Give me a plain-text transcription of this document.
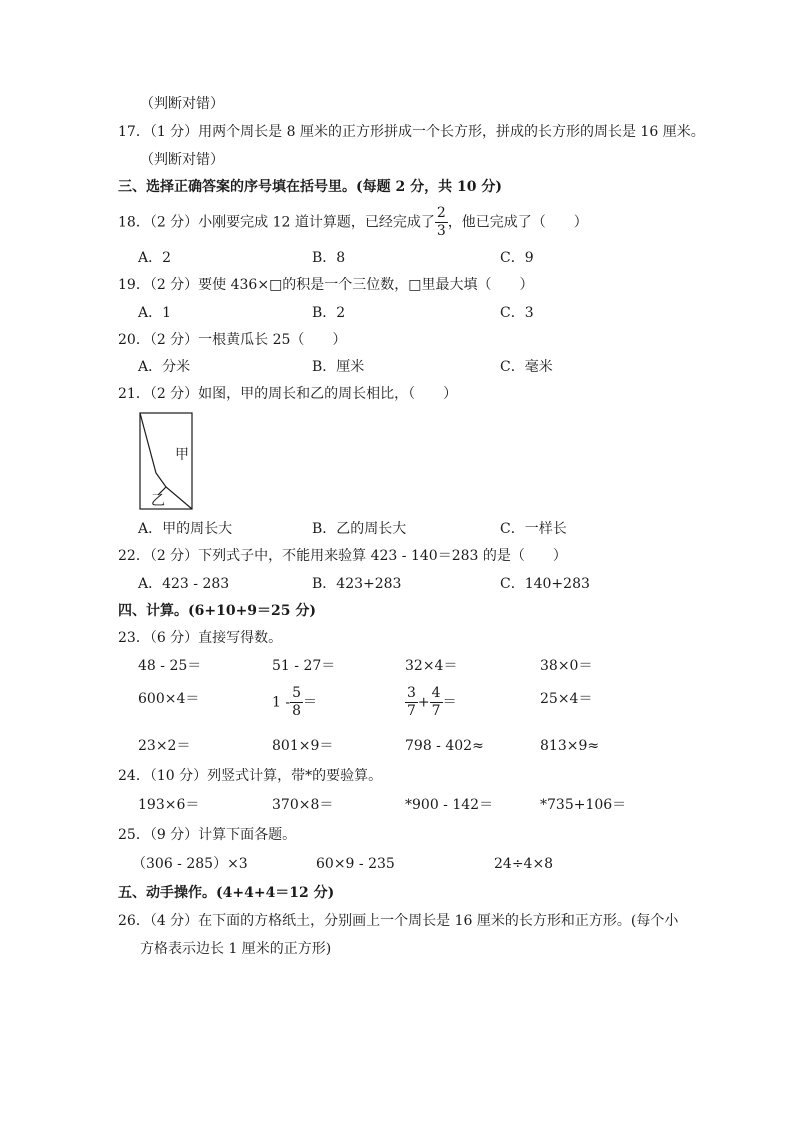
（判断对错）
17．（1 分）用两个周长是 8 厘米的正方形拼成一个长方形，拼成的长方形的周长是 16 厘米。
（判断对错）
三、选择正确答案的序号填在括号里。(每题 2 分，共 10 分)
18．（2 分）小刚要完成 12 道计算题，已经完成了 $\frac{2}{3}$ ，他已完成了（　　）
A．2	B．8	C．9
19．（2 分）要使 436×□的积是一个三位数，□里最大填（　　）
A．1	B．2	C．3
20．（2 分）一根黄瓜长 25（　　）
A．分米	B．厘米	C．毫米
21．（2 分）如图，甲的周长和乙的周长相比，（　　）
甲
乙
A．甲的周长大	B．乙的周长大	C．一样长
22．（2 分）下列式子中，不能用来验算 423 - 140＝283 的是（　　）
A．423 - 283	B．423+283	C．140+283
四、计算。(6+10+9＝25 分)
23．（6 分）直接写得数。
48 - 25＝	51 - 27＝	32×4＝	38×0＝
600×4＝	$1 - \frac{5}{8}$ ＝	$\frac{3}{7} + \frac{4}{7}$ ＝	25×4＝
23×2＝	801×9＝	798 - 402≈	813×9≈
24．（10 分）列竖式计算，带*的要验算。
193×6＝	370×8＝	*900 - 142＝	*735+106＝
25．（9 分）计算下面各题。
（306 - 285）×3	60×9 - 235	24÷4×8
五、动手操作。(4+4+4＝12 分)
26．（4 分）在下面的方格纸土，分别画上一个周长是 16 厘米的长方形和正方形。(每个小
方格表示边长 1 厘米的正方形)
